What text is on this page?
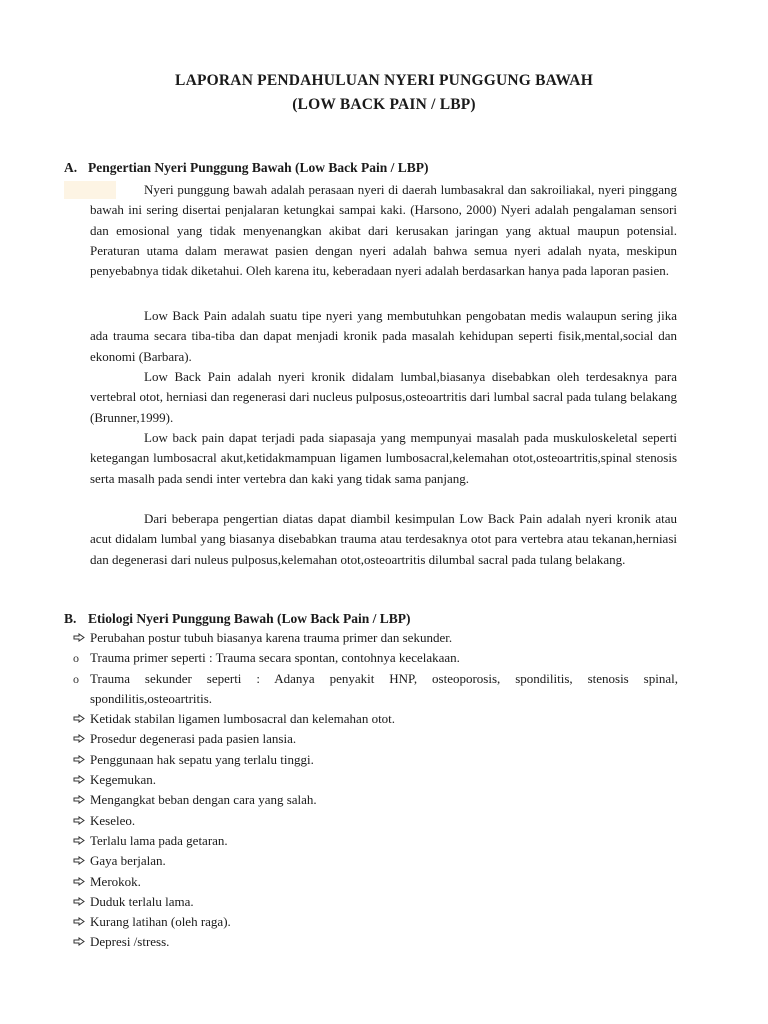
LAPORAN PENDAHULUAN NYERI PUNGGUNG BAWAH
(LOW BACK PAIN / LBP)
A. Pengertian Nyeri Punggung Bawah (Low Back Pain / LBP)
Nyeri punggung bawah adalah perasaan nyeri di daerah lumbasakral dan sakroiliakal, nyeri pinggang bawah ini sering disertai penjalaran ketungkai sampai kaki. (Harsono, 2000) Nyeri adalah pengalaman sensori dan emosional yang tidak menyenangkan akibat dari kerusakan jaringan yang aktual maupun potensial. Peraturan utama dalam merawat pasien dengan nyeri adalah bahwa semua nyeri adalah nyata, meskipun penyebabnya tidak diketahui. Oleh karena itu, keberadaan nyeri adalah berdasarkan hanya pada laporan pasien.
Low Back Pain adalah suatu tipe nyeri yang membutuhkan pengobatan medis walaupun sering jika ada trauma secara tiba-tiba dan dapat menjadi kronik pada masalah kehidupan seperti fisik,mental,social dan ekonomi (Barbara).
Low Back Pain adalah nyeri kronik didalam lumbal,biasanya disebabkan oleh terdesaknya para vertebral otot, herniasi dan regenerasi dari nucleus pulposus,osteoartritis dari lumbal sacral pada tulang belakang (Brunner,1999).
Low back pain dapat terjadi pada siapasaja yang mempunyai masalah pada muskuloskeletal seperti ketegangan lumbosacral akut,ketidakmampuan ligamen lumbosacral,kelemahan otot,osteoartritis,spinal stenosis serta masalh pada sendi inter vertebra dan kaki yang tidak sama panjang.
Dari beberapa pengertian diatas dapat diambil kesimpulan Low Back Pain adalah nyeri kronik atau acut didalam lumbal yang biasanya disebabkan trauma atau terdesaknya otot para vertebra atau tekanan,herniasi dan degenerasi dari nuleus pulposus,kelemahan otot,osteoartritis dilumbal sacral pada tulang belakang.
B. Etiologi Nyeri Punggung Bawah (Low Back Pain / LBP)
Perubahan postur tubuh biasanya karena trauma primer dan sekunder.
o Trauma primer seperti : Trauma secara spontan, contohnya kecelakaan.
o Trauma sekunder seperti : Adanya penyakit HNP, osteoporosis, spondilitis, stenosis spinal, spondilitis,osteoartritis.
Ketidak stabilan ligamen lumbosacral dan kelemahan otot.
Prosedur degenerasi pada pasien lansia.
Penggunaan hak sepatu yang terlalu tinggi.
Kegemukan.
Mengangkat beban dengan cara yang salah.
Keseleo.
Terlalu lama pada getaran.
Gaya berjalan.
Merokok.
Duduk terlalu lama.
Kurang latihan (oleh raga).
Depresi /stress.
